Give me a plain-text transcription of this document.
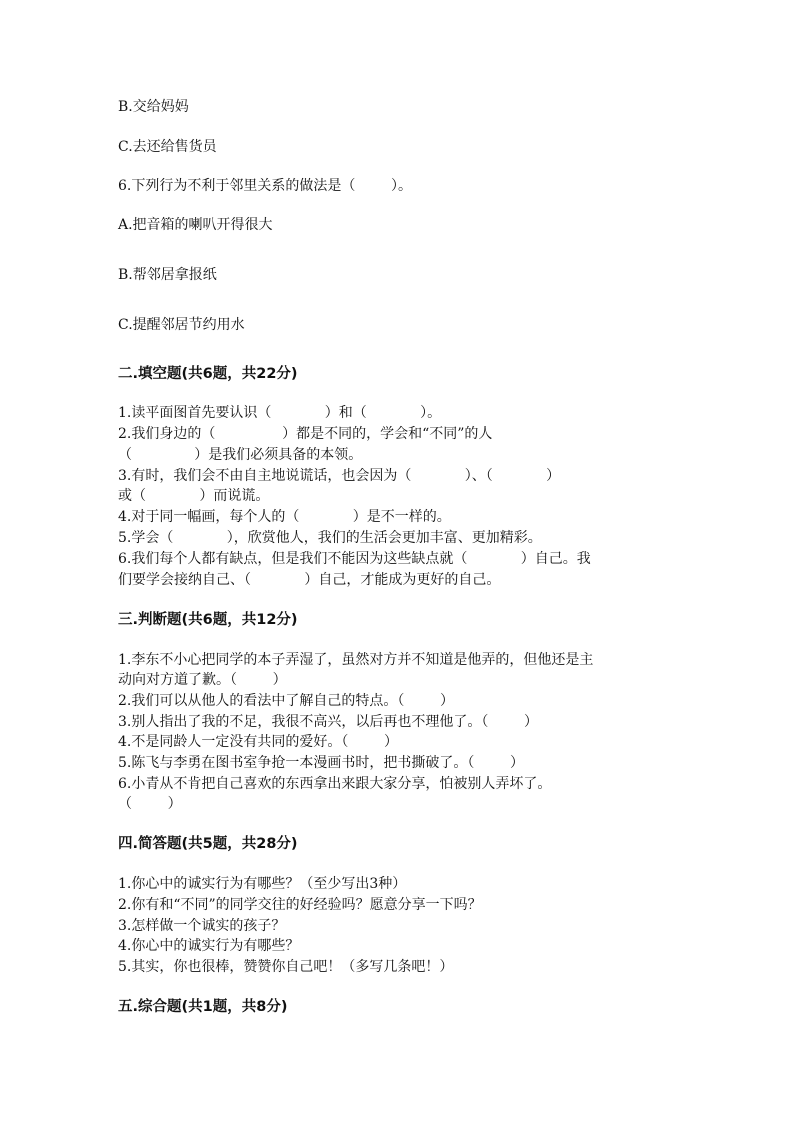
B.交给妈妈
C.去还给售货员
6.下列行为不利于邻里关系的做法是（        ）。
A.把音箱的喇叭开得很大
B.帮邻居拿报纸
C.提醒邻居节约用水
二.填空题(共6题，共22分)
1.读平面图首先要认识（            ）和（            ）。
2.我们身边的（               ）都是不同的，学会和“不同”的人
（              ）是我们必须具备的本领。
3.有时，我们会不由自主地说谎话，也会因为（            ）、（            ）
或（            ）而说谎。
4.对于同一幅画，每个人的（            ）是不一样的。
5.学会（            ），欣赏他人，我们的生活会更加丰富、更加精彩。
6.我们每个人都有缺点，但是我们不能因为这些缺点就（            ）自己。我
们要学会接纳自己、（            ）自己，才能成为更好的自己。
三.判断题(共6题，共12分)
1.李东不小心把同学的本子弄湿了，虽然对方并不知道是他弄的，但他还是主
动向对方道了歉。（        ）
2.我们可以从他人的看法中了解自己的特点。（        ）
3.别人指出了我的不足，我很不高兴，以后再也不理他了。（        ）
4.不是同龄人一定没有共同的爱好。（        ）
5.陈飞与李勇在图书室争抢一本漫画书时，把书撕破了。（        ）
6.小青从不肯把自己喜欢的东西拿出来跟大家分享，怕被别人弄坏了。
（        ）
四.简答题(共5题，共28分)
1.你心中的诚实行为有哪些？（至少写出3种）
2.你有和“不同”的同学交往的好经验吗？愿意分享一下吗？
3.怎样做一个诚实的孩子？
4.你心中的诚实行为有哪些？
5.其实，你也很棒，赞赞你自己吧！（多写几条吧！）
五.综合题(共1题，共8分)
